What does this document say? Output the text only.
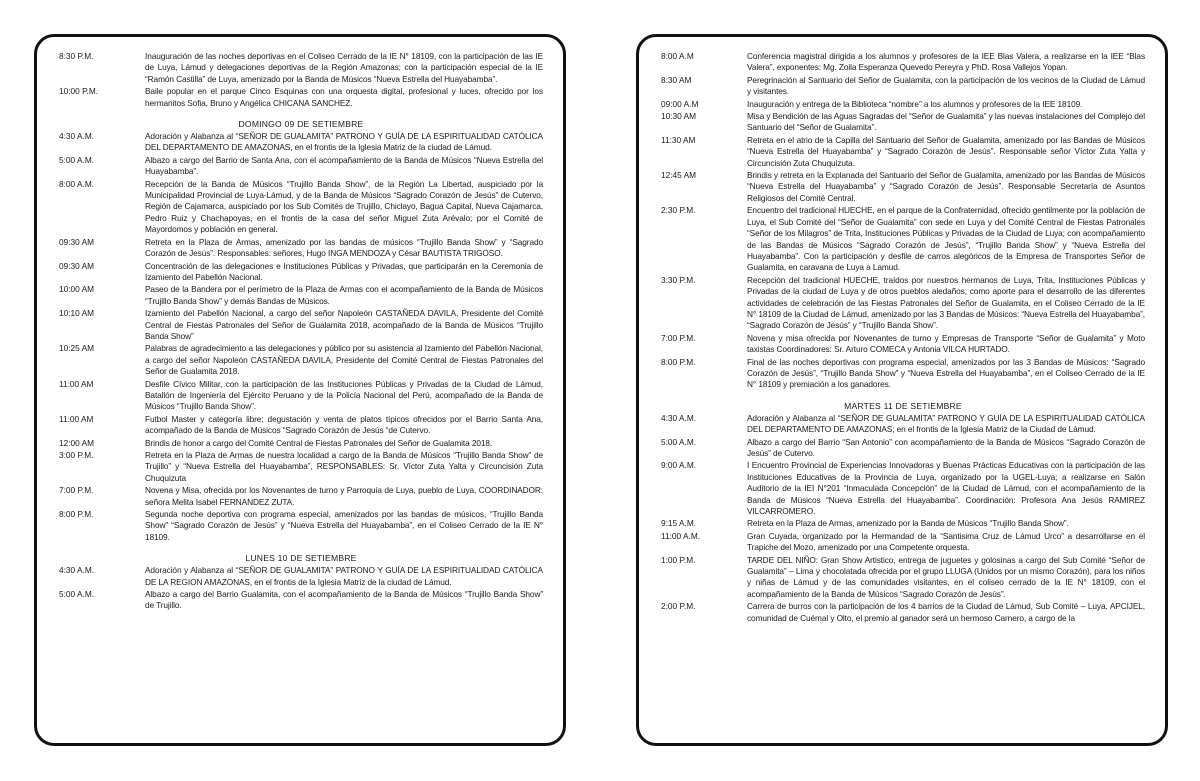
8:30 P.M.	Inauguración de las noches deportivas en el Coliseo Cerrado de la IE N° 18109, con la participación de las IE de Luya, Lámud y delegaciones deportivas de la Región Amazonas; con la participación especial de la IE “Ramón Castilla” de Luya, amenizado por la Banda de Músicos “Nueva Estrella del Huayabamba”.
10:00 P.M.	Baile popular en el parque Cinco Esquinas con una orquesta digital, profesional y luces, ofrecido por los hermanitos Sofia, Bruno y Angélica CHICANA SANCHEZ.
DOMINGO 09 DE SETIEMBRE
4:30 A.M.	Adoración y Alabanza al “SEÑOR DE GUALAMITA” PATRONO Y GUÍA DE LA ESPIRITUALIDAD CATÓLICA DEL DEPARTAMENTO DE AMAZONAS, en el frontis de la Iglesia Matriz de la ciudad de Lámud.
5:00 A.M.	Albazo a cargo del Barrio de Santa Ana, con el acompañamiento de la Banda de Músicos “Nueva Estrella del Huayabamba”.
8:00 A.M.	Recepción de la Banda de Músicos “Trujillo Banda Show”, de la Región La Libertad, auspiciado por la Municipalidad Provincial de Luya-Lámud, y de la Banda de Músicos “Sagrado Corazón de Jesús” de Cutervo, Región de Cajamarca, auspiciado por los Sub Comités de Trujillo, Chiclayo, Bagua Capital, Nueva Cajamarca, Pedro Ruiz y Chachapoyas, en el frontis de la casa del señor Miguel Zuta Arévalo; por el Comité de Mayordomos y población en general.
09:30 AM	Retreta en la Plaza de Armas, amenizado por las bandas de músicos “Trujillo Banda Show” y “Sagrado Corazón de Jesús”. Responsables: señores, Hugo INGA MENDOZA y César BAUTISTA TRIGOSO.
09:30 AM	Concentración de las delegaciones e Instituciones Públicas y Privadas, que participarán en la Ceremonia de Izamiento del Pabellón Nacional.
10:00 AM	Paseo de la Bandera por el perímetro de la Plaza de Armas con el acompañamiento de la Banda de Músicos “Trujillo Banda Show” y demás Bandas de Músicos.
10:10 AM	Izamiento del Pabellón Nacional, a cargo del señor Napoleón CASTAÑEDA DAVILA, Presidente del Comité Central de Fiestas Patronales del Señor de Gualamita 2018, acompañado de la Banda de Músicos “Trujillo Banda Show”
10:25 AM	Palabras de agradecimiento a las delegaciones y público por su asistencia al Izamiento del Pabellón Nacional, a cargo del señor Napoleón CASTAÑEDA DAVILA, Presidente del Comité Central de Fiestas Patronales del Señor de Gualamita 2018.
11:00 AM	Desfile Cívico Militar, con la participación de las Instituciones Públicas y Privadas de la Ciudad de Lámud, Batallón de Ingeniería del Ejército Peruano y de la Policía Nacional del Perú, acompañado de la Banda de Músicos “Trujillo Banda Show”.
11:00 AM	Futbol Master y categoría libre; degustación y venta de platos típicos ofrecidos por el Barrio Santa Ana, acompañado de la Banda de Músicos “Sagrado Corazón de Jesús “de Cutervo.
12:00 AM	Brindis de honor a cargo del Comité Central de Fiestas Patronales del Señor de Gualamita 2018.
3:00 P.M.	Retreta en la Plaza de Armas de nuestra localidad a cargo de la Banda de Músicos “Trujillo Banda Show” de Trujillo” y “Nueva Estrella del Huayabamba”, RESPONSABLES: Sr. Víctor Zuta Yalta y Circuncisión Zuta Chuquizuta
7:00 P.M.	Novena y Misa, ofrecida por los Novenantes de turno y Parroquia de Luya, pueblo de Luya, COORDINADOR: señora Melita Isabel FERNANDEZ ZUTA.
8:00 P.M.	Segunda noche deportiva con programa especial, amenizados por las bandas de músicos, “Trujillo Banda Show” “Sagrado Corazón de Jesús” y “Nueva Estrella del Huayabamba”, en el Coliseo Cerrado de la IE N° 18109.
LUNES 10 DE SETIEMBRE
4:30 A.M.	Adoración y Alabanza al “SEÑOR DE GUALAMITA” PATRONO Y GUÍA DE LA ESPIRITUALIDAD CATÓLICA DE LA REGION AMAZONAS, en el frontis de la Iglesia Matriz de la ciudad de Lámud.
5:00 A.M.	Albazo a cargo del Barrio Gualamita, con el acompañamiento de la Banda de Músicos “Trujillo Banda Show” de Trujillo.
8:00 A.M	Conferencia magistral dirigida a los alumnos y profesores de la IEE Blas Valera, a realizarse en la IEE “Blas Valera”, exponentes: Mg. Zoila Esperanza Quevedo Pereyra y PhD. Rosa Vallejos Yopan.
8:30 AM	Peregrinación al Santuario del Señor de Gualamita, con la participación de los vecinos de la Ciudad de Lámud y visitantes.
09:00 A.M	Inauguración y entrega de la Biblioteca “nombre” a los alumnos y profesores de la IEE 18109.
10:30 AM	Misa y Bendición de las Aguas Sagradas del “Señor de Gualamita” y las nuevas instalaciones del Complejo del Santuario del “Señor de Gualamita”.
11:30 AM	Retreta en el atrio de la Capilla del Santuario del Señor de Gualamita, amenizado por las Bandas de Músicos “Nueva Estrella del Huayabamba” y “Sagrado Corazón de Jesús”. Responsable señor Víctor Zuta Yalta y Circuncisión Zuta Chuquizuta.
12:45 AM	Brindis y retreta en la Explanada del Santuario del Señor de Gualamita, amenizado por las Bandas de Músicos “Nueva Estrella del Huayabamba” y “Sagrado Corazón de Jesús”. Responsable Secretaría de Asuntos Religiosos del Comité Central.
2:30 P.M.	Encuentro del tradicional HUECHE, en el parque de la Confraternidad, ofrecido gentilmente por la población de Luya, el Sub Comité del “Señor de Gualamita” con sede en Luya y del Comité Central de Fiestas Patronales “Señor de los Milagros” de Trita, Instituciones Públicas y Privadas de la Ciudad de Luya; con acompañamiento de las Bandas de Músicos “Sagrado Corazón de Jesús”, “Trujillo Banda Show” y “Nueva Estrella del Huayabamba”. Con la participación y desfile de carros alegóricos de la Empresa de Transportes Señor de Gualamita, en caravana de Luya a Lamud.
3:30 P.M.	Recepción del tradicional HUECHE, traídos por nuestros hermanos de Luya, Trita, Instituciones Públicas y Privadas de la ciudad de Luya y de otros pueblos aledaños, como aporte para el desarrollo de las diferentes actividades de celebración de las Fiestas Patronales del Señor de Gualamita, en el Coliseo Cerrado de la IE N° 18109 de la Ciudad de Lámud, amenizado por las 3 Bandas de Músicos: “Nueva Estrella del Huayabamba”, “Sagrado Corazón de Jesús” y “Trujillo Banda Show”.
7:00 P.M.	Novena y misa ofrecida por Novenantes de turno y Empresas de Transporte “Señor de Gualamita” y Moto taxistas Coordinadores: Sr. Arturo COMECA y Antonia VILCA HURTADO.
8:00 P.M.	Final de las noches deportivas con programa especial, amenizados por las 3 Bandas de Músicos: “Sagrado Corazón de Jesús”, “Trujillo Banda Show” y “Nueva Estrella del Huayabamba”, en el Coliseo Cerrado de la IE N° 18109 y premiación a los ganadores.
MARTES 11 DE SETIEMBRE
4:30 A.M.	Adoración y Alabanza al “SEÑOR DE GUALAMITA” PATRONO Y GUÍA DE LA ESPIRITUALIDAD CATÓLICA DEL DEPARTAMENTO DE AMAZONAS; en el frontis de la Iglesia Matriz de la Ciudad de Lámud.
5:00 A.M.	Albazo a cargo del Barrio “San Antonio” con acompañamiento de la Banda de Músicos “Sagrado Corazón de Jesús” de Cutervo.
9:00 A.M.	I Encuentro Provincial de Experiencias Innovadoras y Buenas Prácticas Educativas con la participación de las Instituciones Educativas de la Provincia de Luya, organizado por la UGEL-Luya; a realizarse en Salón Auditorio de la IEI N°201 “Inmaculada Concepción” de la Ciudad de Lámud, con el acompañamiento de la Banda de Músicos “Nueva Estrella del Huayabamba”. Coordinación: Profesora Ana Jesús RAMIREZ VILCARROMERO.
9:15 A.M.	Retreta en la Plaza de Armas, amenizado por la Banda de Músicos “Trujillo Banda Show”.
11:00 A.M.	Gran Cuyada, organizado por la Hermandad de la “Santisima Cruz de Lámud Urco” a desarrollarse en el Trapiche del Mozo, amenizado por una Competente orquesta.
1:00 P.M.	TARDE DEL NIÑO: Gran Show Artistico, entrega de juguetes y golosinas a cargo del Sub Comité “Señor de Gualamita” – Lima y chocolatada ofrecida por el grupo LLUGA (Unidos por un mismo Corazón), para los niños y niñas de Lámud y de las comunidades visitantes, en el coliseo cerrado de la IE N° 18109, con el acompañamiento de la Banda de Músicos “Sagrado Corazón de Jesús”.
2:00 P.M.	Carrera de burros con la participación de los 4 barrios de la Ciudad de Lámud, Sub Comité – Luya, APCIJEL, comunidad de Cuémal y Olto, el premio al ganador será un hermoso Carnero, a cargo de la
